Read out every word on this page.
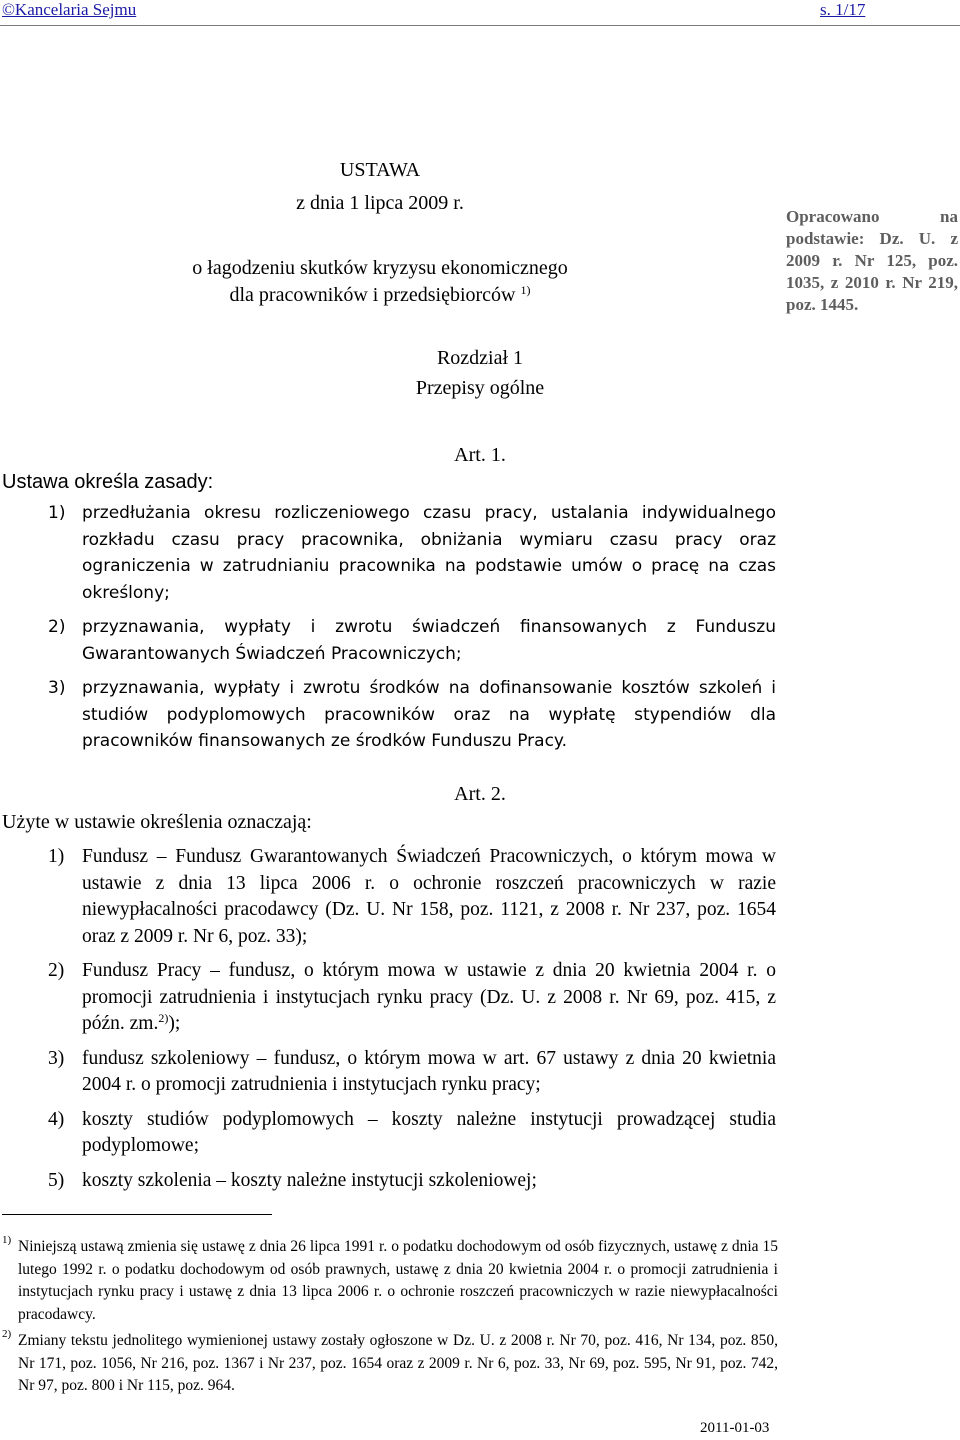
©Kancelaria Sejmu	s. 1/17
USTAWA
z dnia 1 lipca 2009 r.
o łagodzeniu skutków kryzysu ekonomicznego
dla pracowników i przedsiębiorców $^{1)}$
Opracowano na podstawie: Dz. U. z 2009 r. Nr 125, poz. 1035, z 2010 r. Nr 219, poz. 1445.
Rozdział 1
Przepisy ogólne
Art. 1.
Ustawa określa zasady:
1) przedłużania okresu rozliczeniowego czasu pracy, ustalania indywidualnego rozkładu czasu pracy pracownika, obniżania wymiaru czasu pracy oraz ograniczenia w zatrudnianiu pracownika na podstawie umów o pracę na czas określony;
2) przyznawania, wypłaty i zwrotu świadczeń finansowanych z Funduszu Gwarantowanych Świadczeń Pracowniczych;
3) przyznawania, wypłaty i zwrotu środków na dofinansowanie kosztów szkoleń i studiów podyplomowych pracowników oraz na wypłatę stypendiów dla pracowników finansowanych ze środków Funduszu Pracy.
Art. 2.
Użyte w ustawie określenia oznaczają:
1) Fundusz – Fundusz Gwarantowanych Świadczeń Pracowniczych, o którym mowa w ustawie z dnia 13 lipca 2006 r. o ochronie roszczeń pracowniczych w razie niewypłacalności pracodawcy (Dz. U. Nr 158, poz. 1121, z 2008 r. Nr 237, poz. 1654 oraz z 2009 r. Nr 6, poz. 33);
2) Fundusz Pracy – fundusz, o którym mowa w ustawie z dnia 20 kwietnia 2004 r. o promocji zatrudnienia i instytucjach rynku pracy (Dz. U. z 2008 r. Nr 69, poz. 415, z późn. zm.$^{2)}$);
3) fundusz szkoleniowy – fundusz, o którym mowa w art. 67 ustawy z dnia 20 kwietnia 2004 r. o promocji zatrudnienia i instytucjach rynku pracy;
4) koszty studiów podyplomowych – koszty należne instytucji prowadzącej studia podyplomowe;
5) koszty szkolenia – koszty należne instytucji szkoleniowej;
1) Niniejszą ustawą zmienia się ustawę z dnia 26 lipca 1991 r. o podatku dochodowym od osób fizycznych, ustawę z dnia 15 lutego 1992 r. o podatku dochodowym od osób prawnych, ustawę z dnia 20 kwietnia 2004 r. o promocji zatrudnienia i instytucjach rynku pracy i ustawę z dnia 13 lipca 2006 r. o ochronie roszczeń pracowniczych w razie niewypłacalności pracodawcy.
2) Zmiany tekstu jednolitego wymienionej ustawy zostały ogłoszone w Dz. U. z 2008 r. Nr 70, poz. 416, Nr 134, poz. 850, Nr 171, poz. 1056, Nr 216, poz. 1367 i Nr 237, poz. 1654 oraz z 2009 r. Nr 6, poz. 33, Nr 69, poz. 595, Nr 91, poz. 742, Nr 97, poz. 800 i Nr 115, poz. 964.
2011-01-03
